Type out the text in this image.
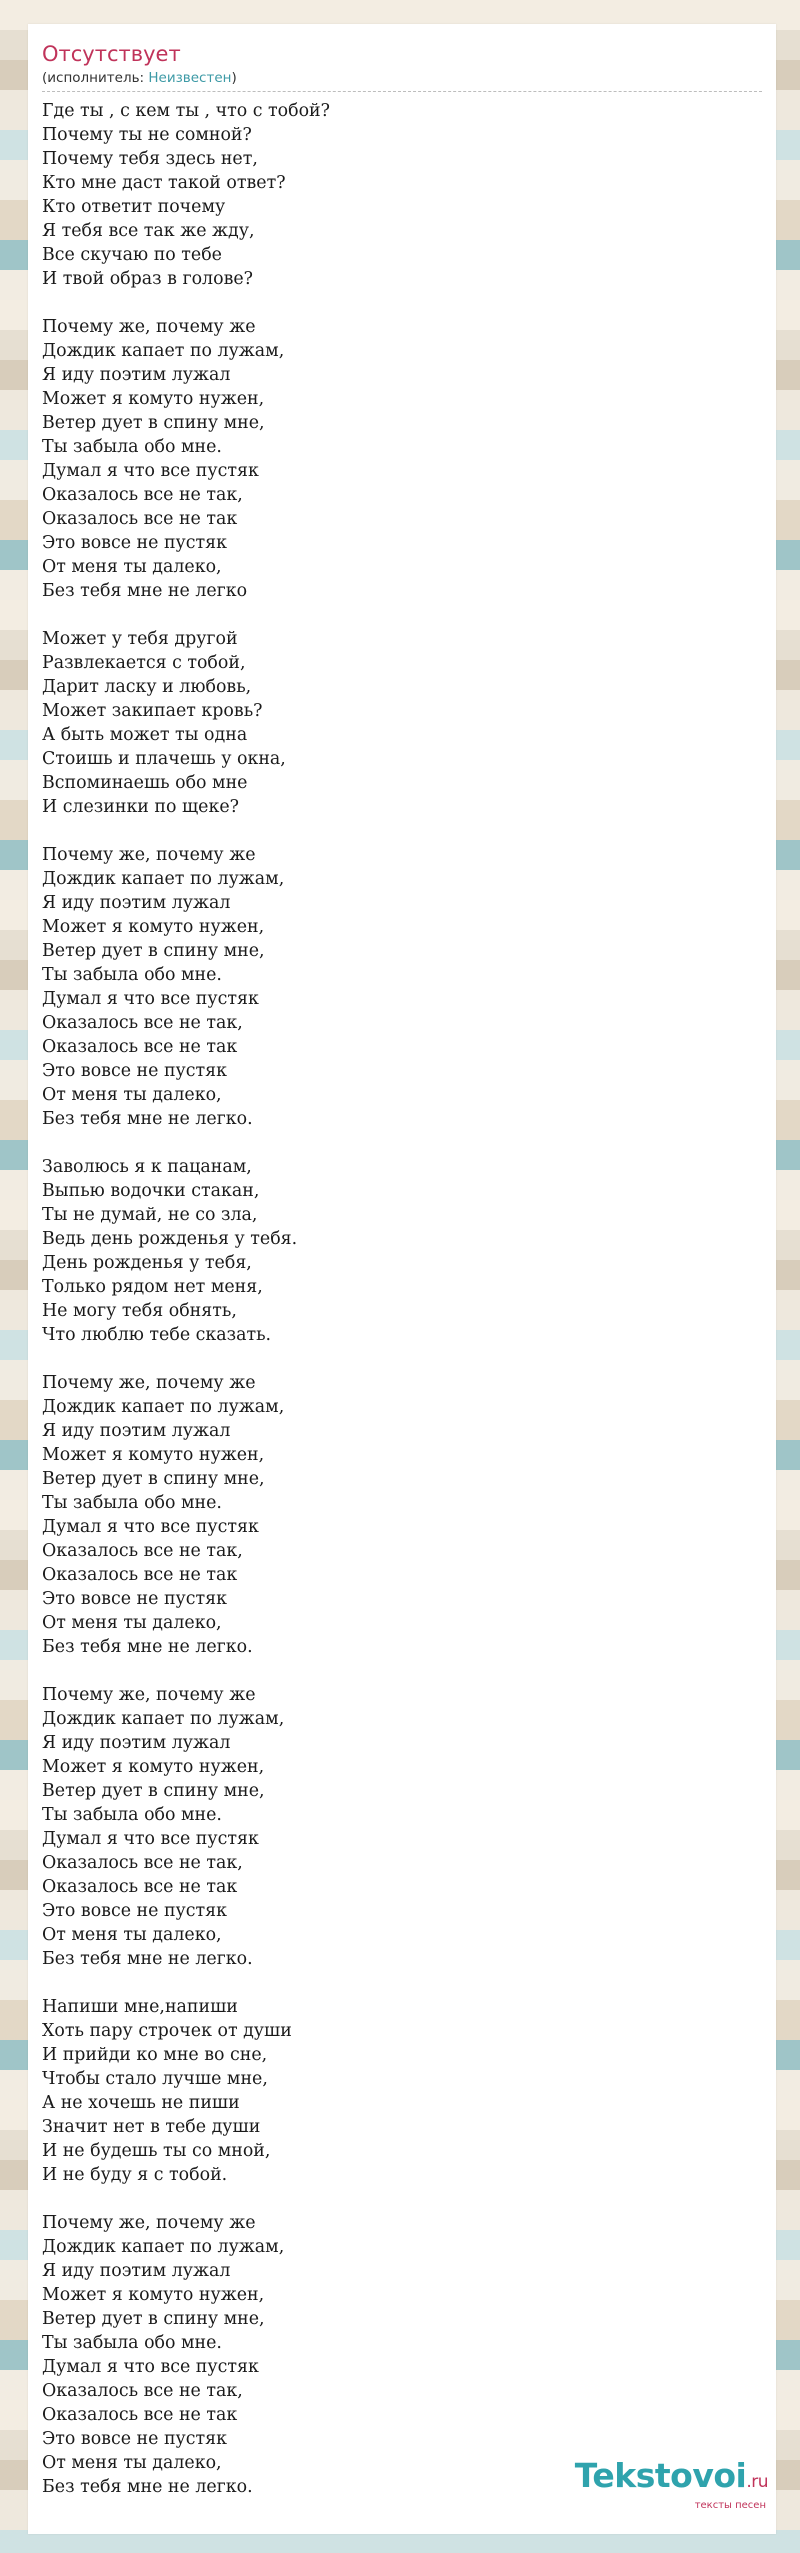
Отсутствует
(исполнитель: Неизвестен)
Где ты , с кем ты , что с тобой?
Почему ты не сомной?
Почему тебя здесь нет,
Кто мне даст такой ответ?
Кто ответит почему
Я тебя все так же жду,
Все скучаю по тебе
И твой образ в голове?
Почему же, почему же
Дождик капает по лужам,
Я иду поэтим лужал
Может я комуто нужен,
Ветер дует в спину мне,
Ты забыла обо мне.
Думал я что все пустяк
Оказалось все не так,
Оказалось все не так
Это вовсе не пустяк
От меня ты далеко,
Без тебя мне не легко
Может у тебя другой
Развлекается с тобой,
Дарит ласку и любовь,
Может закипает кровь?
А быть может ты одна
Стоишь и плачешь у окна,
Вспоминаешь обо мне
И слезинки по щеке?
Почему же, почему же
Дождик капает по лужам,
Я иду поэтим лужал
Может я комуто нужен,
Ветер дует в спину мне,
Ты забыла обо мне.
Думал я что все пустяк
Оказалось все не так,
Оказалось все не так
Это вовсе не пустяк
От меня ты далеко,
Без тебя мне не легко.
Заволюсь я к пацанам,
Выпью водочки стакан,
Ты не думай, не со зла,
Ведь день рожденья у тебя.
День рожденья у тебя,
Только рядом нет меня,
Не могу тебя обнять,
Что люблю тебе сказать.
Почему же, почему же
Дождик капает по лужам,
Я иду поэтим лужал
Может я комуто нужен,
Ветер дует в спину мне,
Ты забыла обо мне.
Думал я что все пустяк
Оказалось все не так,
Оказалось все не так
Это вовсе не пустяк
От меня ты далеко,
Без тебя мне не легко.
Почему же, почему же
Дождик капает по лужам,
Я иду поэтим лужал
Может я комуто нужен,
Ветер дует в спину мне,
Ты забыла обо мне.
Думал я что все пустяк
Оказалось все не так,
Оказалось все не так
Это вовсе не пустяк
От меня ты далеко,
Без тебя мне не легко.
Напиши мне,напиши
Хоть пару строчек от души
И прийди ко мне во сне,
Чтобы стало лучше мне,
А не хочешь не пиши
Значит нет в тебе души
И не будешь ты со мной,
И не буду я с тобой.
Почему же, почему же
Дождик капает по лужам,
Я иду поэтим лужал
Может я комуто нужен,
Ветер дует в спину мне,
Ты забыла обо мне.
Думал я что все пустяк
Оказалось все не так,
Оказалось все не так
Это вовсе не пустяк
От меня ты далеко,
Без тебя мне не легко.	Tekstovoi.ru
тексты песен
